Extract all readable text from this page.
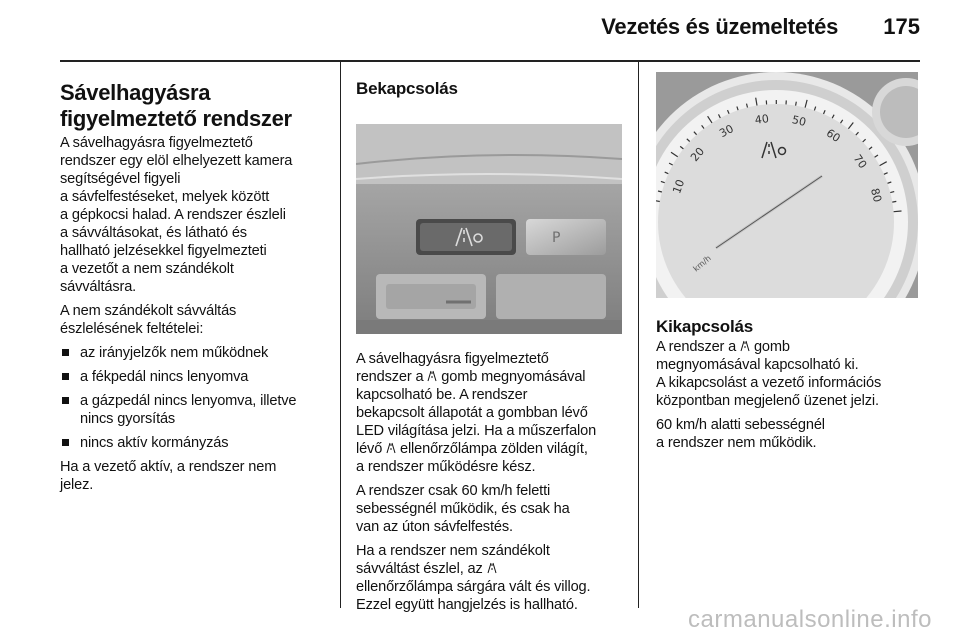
Vezetés és üzemeltetés 175
Sávelhagyásra figyelmeztető rendszer

A sávelhagyásra figyelmeztető
rendszer egy elöl elhelyezett kamera
segítségével figyeli
a sávfelfestéseket, melyek között
a gépkocsi halad. A rendszer észleli
a sávváltásokat, és látható és
hallható jelzésekkel figyelmezteti
a vezetőt a nem szándékolt
sávváltásra.

A nem szándékolt sávváltás
észlelésének feltételei:

az irányjelzők nem működnek
a fékpedál nincs lenyomva
a gázpedál nincs lenyomva, illetve
nincs gyorsítás
nincs aktív kormányzás

Ha a vezető aktív, a rendszer nem
jelez.

Bekapcsolás
P

A sávelhagyásra figyelmeztető
rendszer a  gomb megnyomásával
kapcsolható be. A rendszer
bekapcsolt állapotát a gombban lévő
LED világítása jelzi. Ha a műszerfalon
lévő  ellenőrzőlámpa zölden világít,
a rendszer működésre kész.

A rendszer csak 60 km/h feletti
sebességnél működik, és csak ha
van az úton sávfelfestés.

Ha a rendszer nem szándékolt
sávváltást észlel, az
ellenőrzőlámpa sárgára vált és villog.
Ezzel együtt hangjelzés is hallható.

10
20
30
40 50
60
70
80
km/h
Kikapcsolás

A rendszer a  gomb
megnyomásával kapcsolható ki.
A kikapcsolást a vezető információs
központban megjelenő üzenet jelzi.

60 km/h alatti sebességnél
a rendszer nem működik.

carmanualsonline.info
